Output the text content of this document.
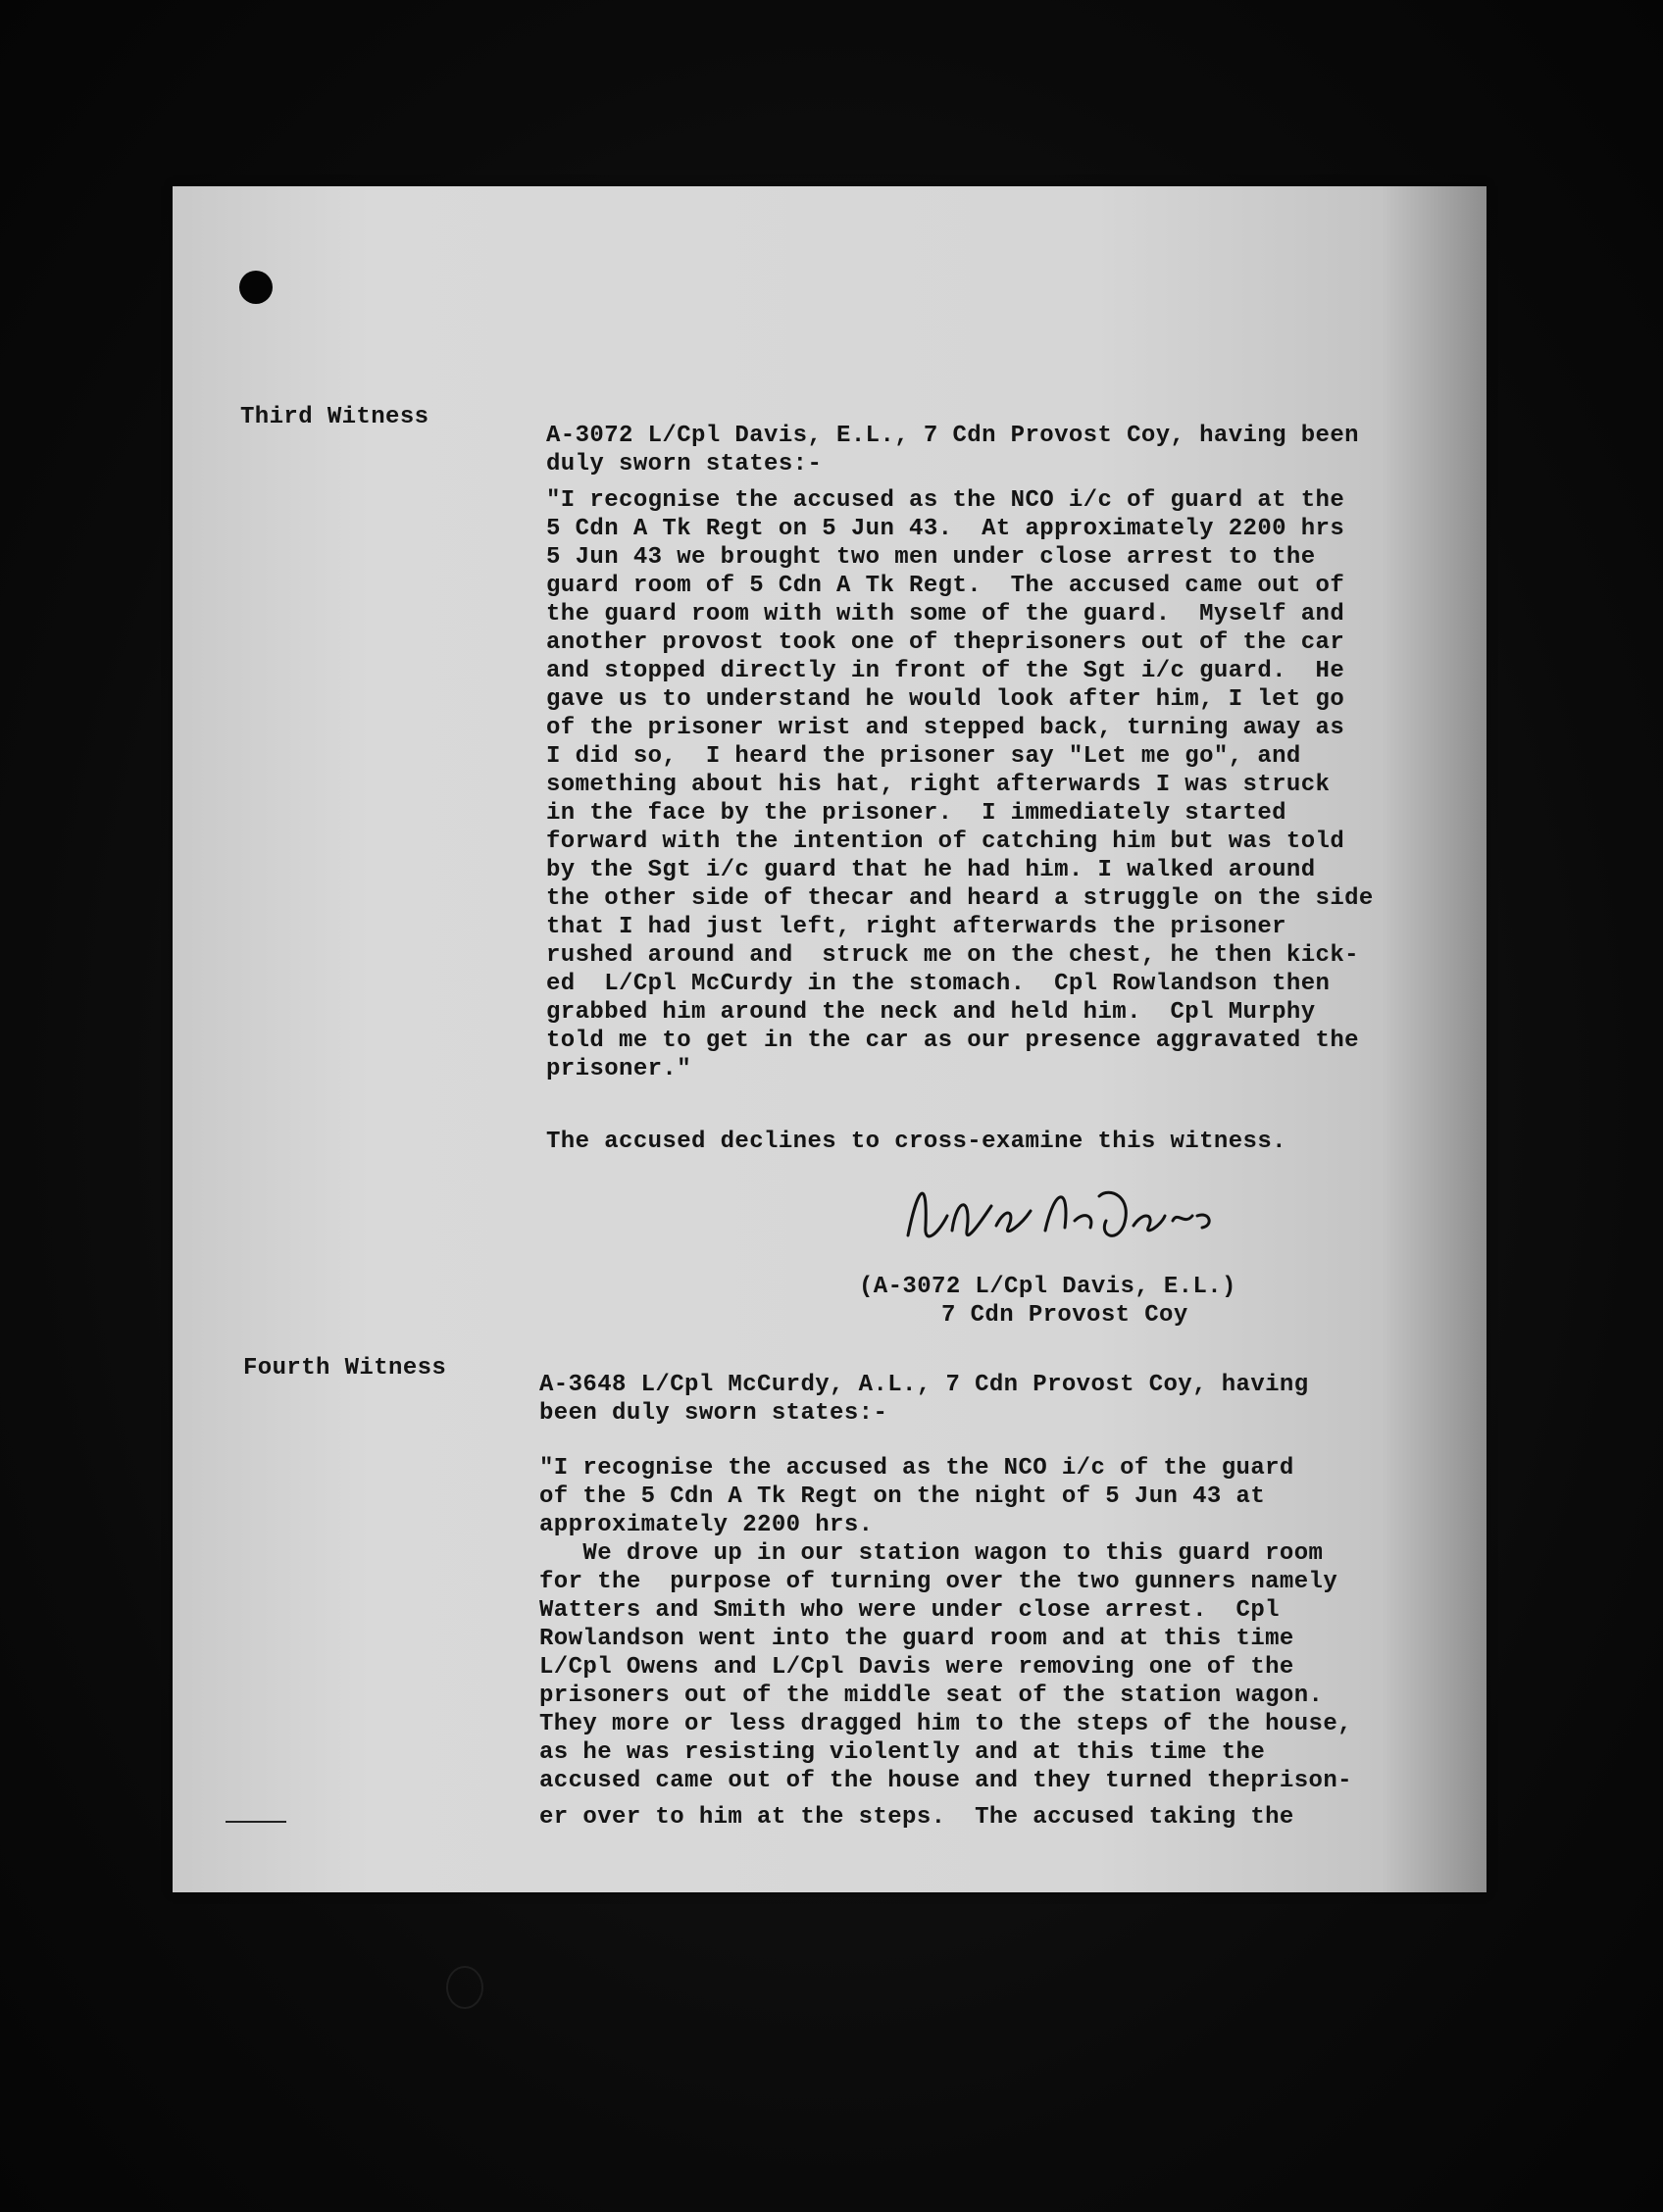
Third Witness
A-3072 L/Cpl Davis, E.L., 7 Cdn Provost Coy, having been
duly sworn states:-
"I recognise the accused as the NCO i/c of guard at the
5 Cdn A Tk Regt on 5 Jun 43.  At approximately 2200 hrs
5 Jun 43 we brought two men under close arrest to the
guard room of 5 Cdn A Tk Regt.  The accused came out of
the guard room with with some of the guard.  Myself and
another provost took one of theprisoners out of the car
and stopped directly in front of the Sgt i/c guard.  He
gave us to understand he would look after him, I let go
of the prisoner wrist and stepped back, turning away as
I did so,  I heard the prisoner say "Let me go", and
something about his hat, right afterwards I was struck
in the face by the prisoner.  I immediately started
forward with the intention of catching him but was told
by the Sgt i/c guard that he had him. I walked around
the other side of thecar and heard a struggle on the side
that I had just left, right afterwards the prisoner
rushed around and  struck me on the chest, he then kick-
ed  L/Cpl McCurdy in the stomach.  Cpl Rowlandson then
grabbed him around the neck and held him.  Cpl Murphy
told me to get in the car as our presence aggravated the
prisoner."
The accused declines to cross-examine this witness.
(A-3072 L/Cpl Davis, E.L.)
7 Cdn Provost Coy
Fourth Witness
A-3648 L/Cpl McCurdy, A.L., 7 Cdn Provost Coy, having
been duly sworn states:-
"I recognise the accused as the NCO i/c of the guard
of the 5 Cdn A Tk Regt on the night of 5 Jun 43 at
approximately 2200 hrs.
We drove up in our station wagon to this guard room
for the  purpose of turning over the two gunners namely
Watters and Smith who were under close arrest.  Cpl
Rowlandson went into the guard room and at this time
L/Cpl Owens and L/Cpl Davis were removing one of the
prisoners out of the middle seat of the station wagon.
They more or less dragged him to the steps of the house,
as he was resisting violently and at this time the
accused came out of the house and they turned theprison-
er over to him at the steps.  The accused taking the
